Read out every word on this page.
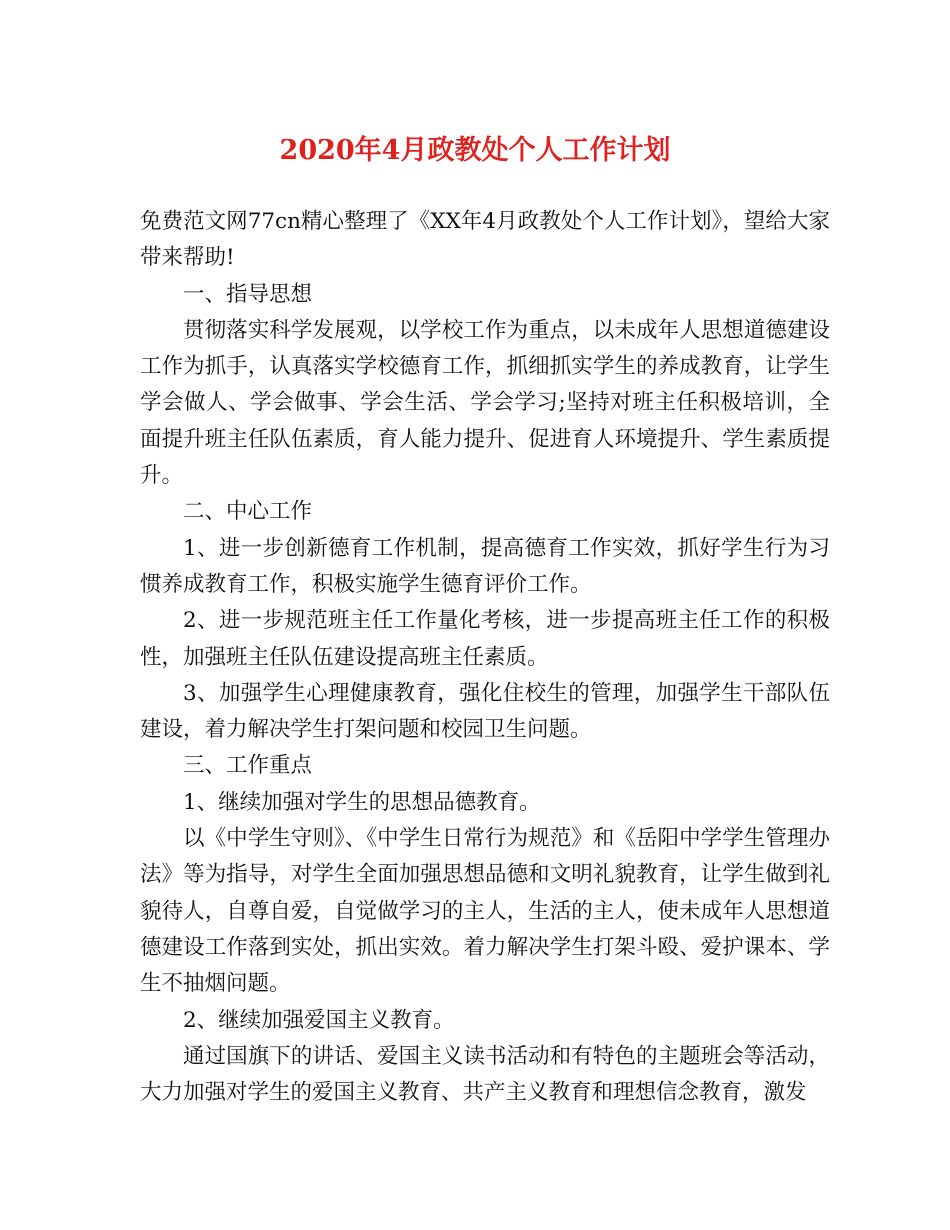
2020年4月政教处个人工作计划

免费范文网77cn精心整理了《XX年4月政教处个人工作计划》，望给大家带来帮助!

一、指导思想

贯彻落实科学发展观，以学校工作为重点，以未成年人思想道德建设工作为抓手，认真落实学校德育工作，抓细抓实学生的养成教育，让学生学会做人、学会做事、学会生活、学会学习;坚持对班主任积极培训，全面提升班主任队伍素质，育人能力提升、促进育人环境提升、学生素质提升。

二、中心工作

1、进一步创新德育工作机制，提高德育工作实效，抓好学生行为习惯养成教育工作，积极实施学生德育评价工作。

2、进一步规范班主任工作量化考核，进一步提高班主任工作的积极性，加强班主任队伍建设提高班主任素质。

3、加强学生心理健康教育，强化住校生的管理，加强学生干部队伍建设，着力解决学生打架问题和校园卫生问题。

三、工作重点

1、继续加强对学生的思想品德教育。

以《中学生守则》、《中学生日常行为规范》和《岳阳中学学生管理办法》等为指导，对学生全面加强思想品德和文明礼貌教育，让学生做到礼貌待人，自尊自爱，自觉做学习的主人，生活的主人，使未成年人思想道德建设工作落到实处，抓出实效。着力解决学生打架斗殴、爱护课本、学生不抽烟问题。

2、继续加强爱国主义教育。

通过国旗下的讲话、爱国主义读书活动和有特色的主题班会等活动，大力加强对学生的爱国主义教育、共产主义教育和理想信念教育，激发
